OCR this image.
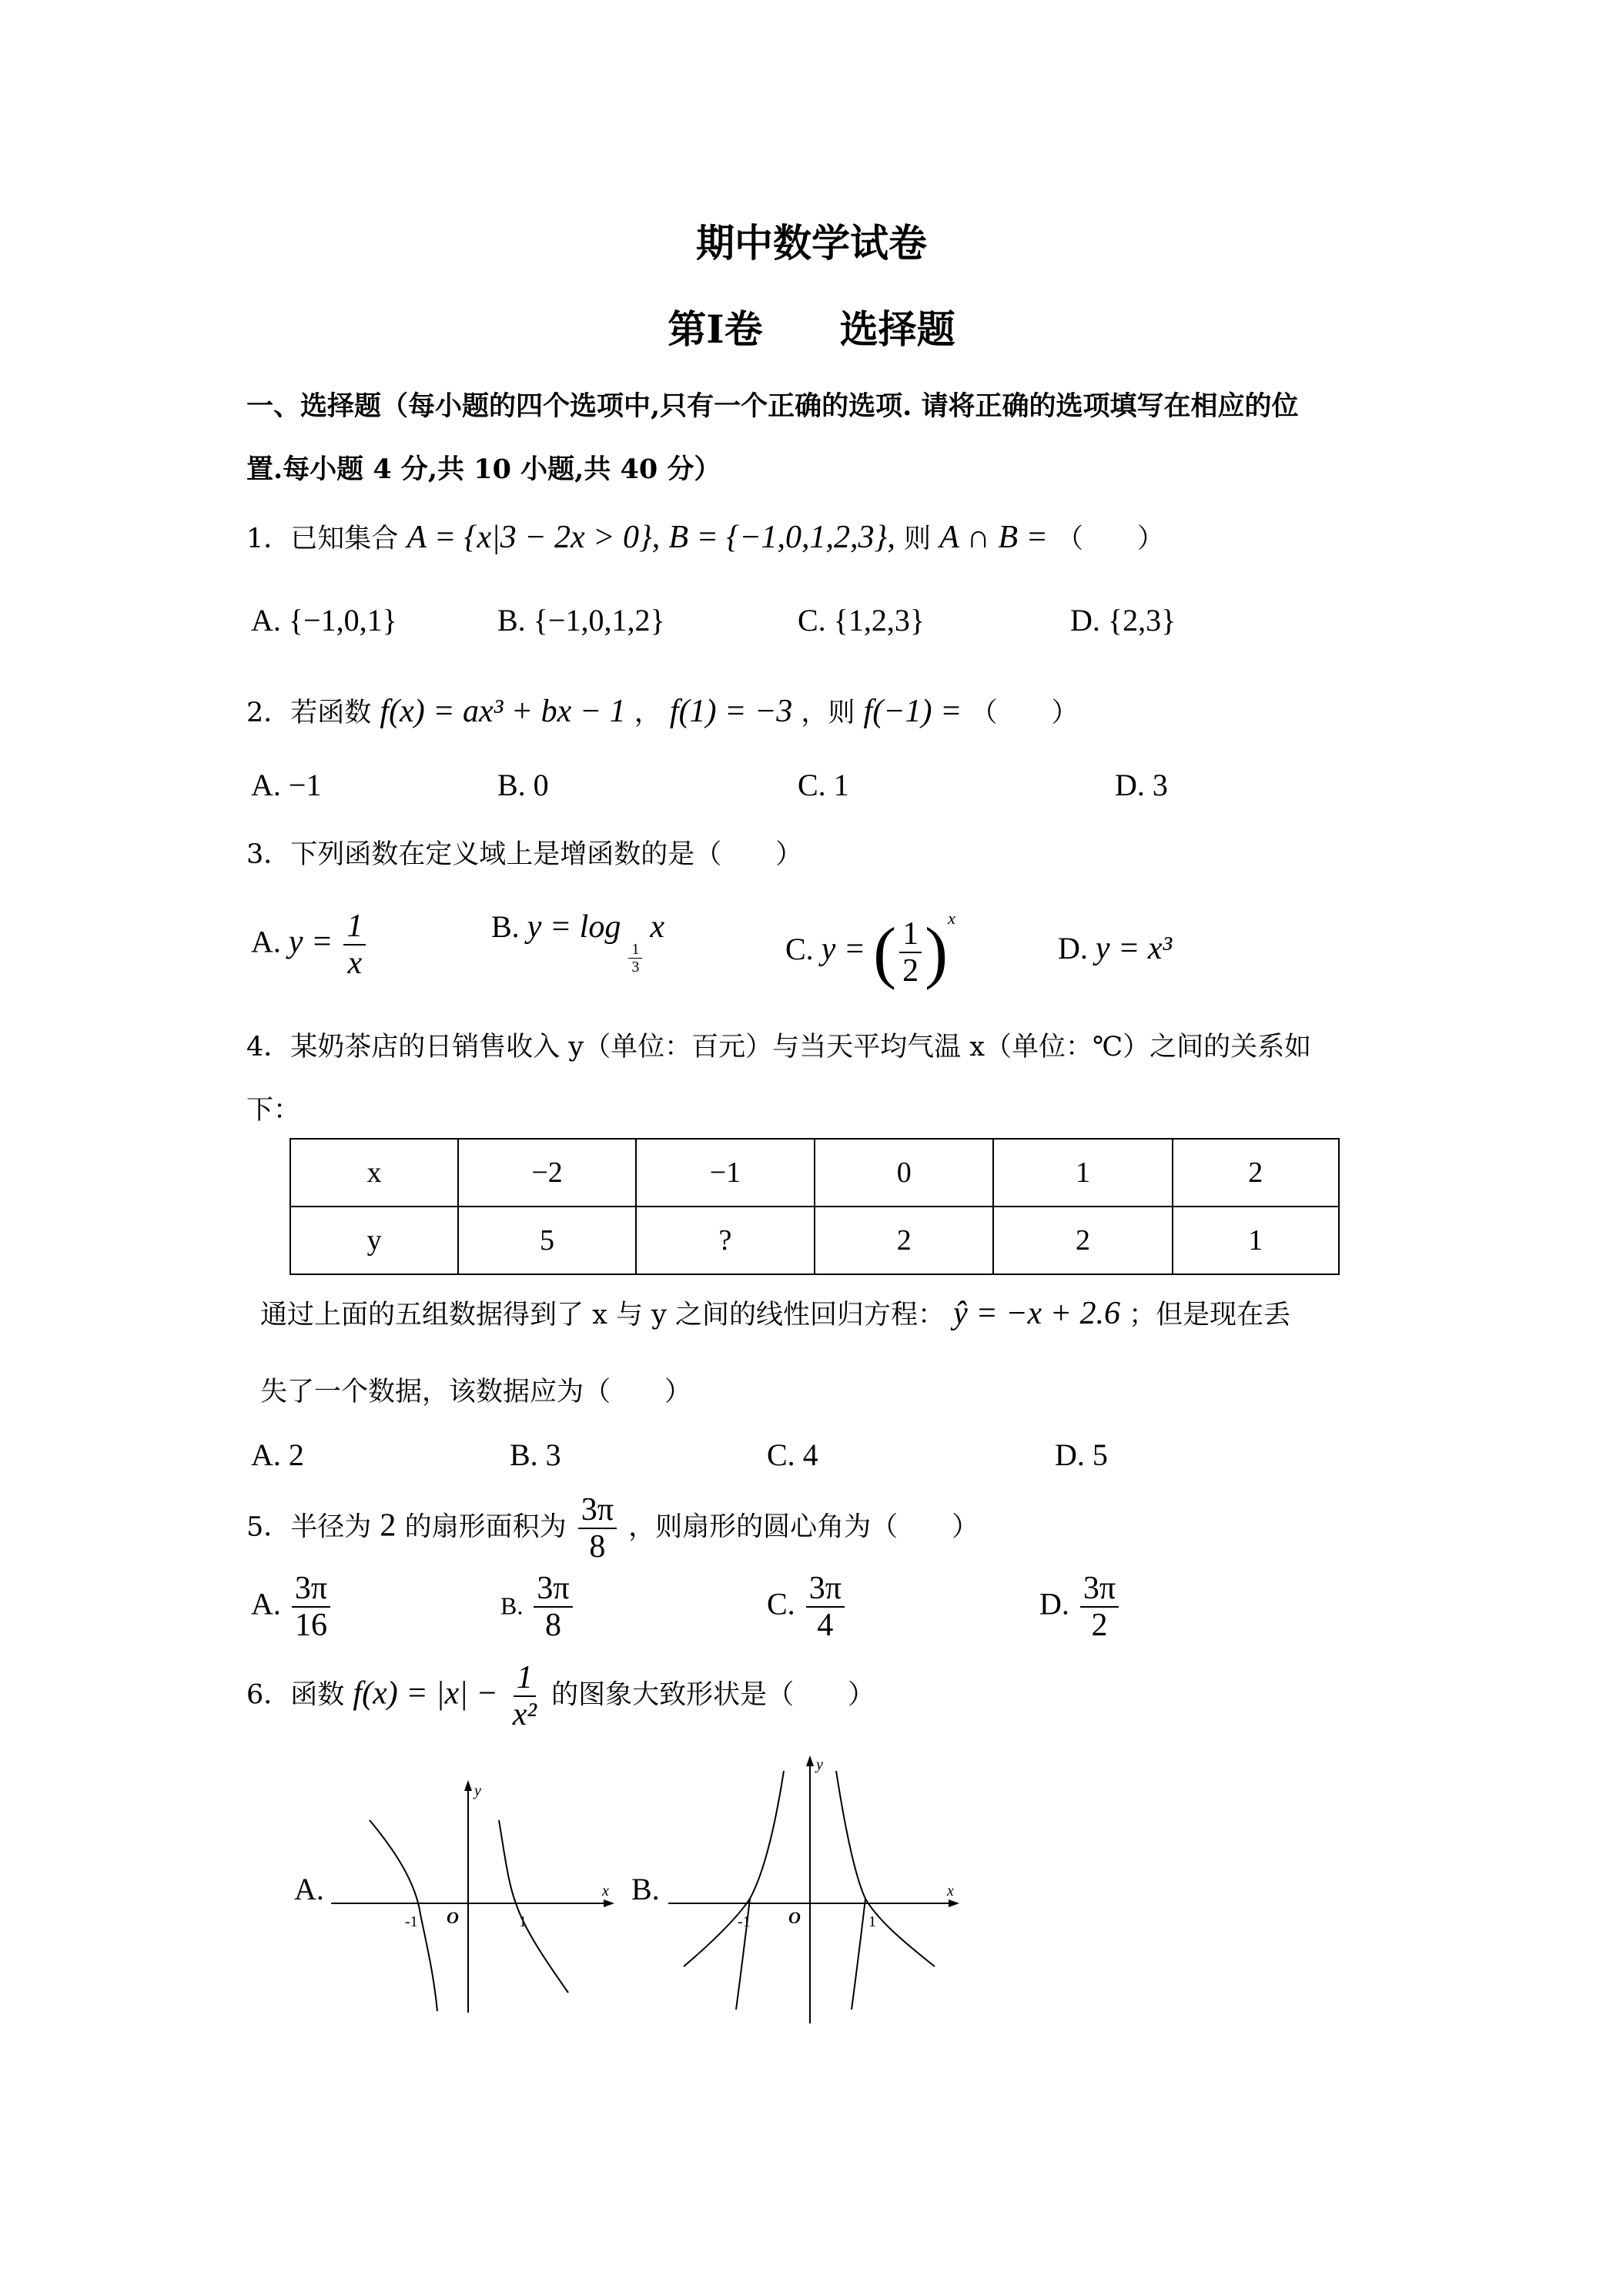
期中数学试卷
第Ⅰ卷　　选择题
一、选择题（每小题的四个选项中,只有一个正确的选项. 请将正确的选项填写在相应的位
置.每小题 4 分,共 10 小题,共 40 分）
1．已知集合 A = {x|3 − 2x > 0}, B = {−1,0,1,2,3}, 则 A ∩ B = （　　）
A. {−1,0,1}	B. {−1,0,1,2}	C. {1,2,3}	D. {2,3}
2．若函数 f(x) = ax³ + bx − 1 ， f(1) = −3 ，则 f(−1) = （　　）
A. −1	B. 0	C. 1	D. 3
3．下列函数在定义域上是增函数的是（　　）
A. $y = \frac{1}{x}$	B. y = log
$\frac{1}{3}$
x
C. y = ( $\frac{1}{2} )^x$
D. y = x³
4．某奶茶店的日销售收入 y（单位：百元）与当天平均气温 x（单位：℃）之间的关系如
下：
x	−2	−1	0	1	2
y	5	?	2	2	1
通过上面的五组数据得到了 x 与 y 之间的线性回归方程： ŷ = −x + 2.6 ；但是现在丢
失了一个数据，该数据应为（　　）
A. 2	B. 3	C. 4	D. 5
5．半径为 2 的扇形面积为 $\frac{3\pi}{8}$ ，则扇形的圆心角为（　　）
A. $\frac{3\pi}{16}$	B. $\frac{3\pi}{8}$	C. $\frac{3\pi}{4}$	D. $\frac{3\pi}{2}$
6．函数 $f(x) = |x| - \frac{1}{\text{x²}}$ 的图象大致形状是（　　）
A.	x
y
O
-1	1
B.	x
y
O
-1	1
